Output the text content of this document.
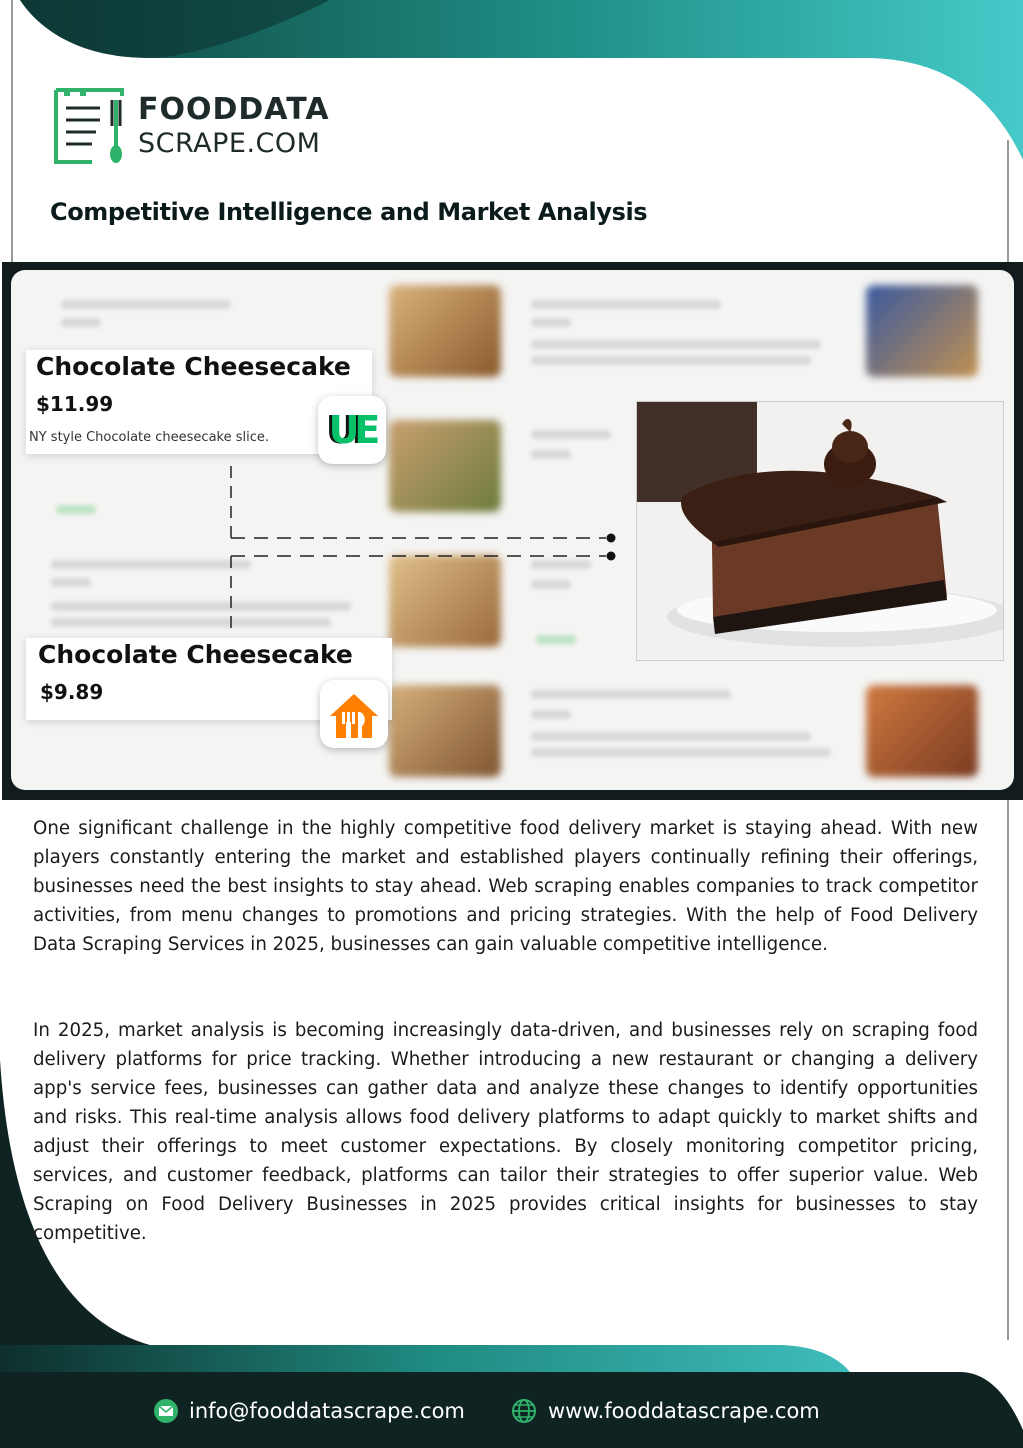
FOODDATA
SCRAPE.COM
Competitive Intelligence and Market Analysis
Chocolate Cheesecake
$11.99
NY style Chocolate cheesecake slice. UE
Chocolate Cheesecake
$9.89

One significant challenge in the highly competitive food delivery market is staying ahead. With new players constantly entering the market and established players continually refining their offerings, businesses need the best insights to stay ahead. Web scraping enables companies to track competitor activities, from menu changes to promotions and pricing strategies. With the help of Food Delivery Data Scraping Services in 2025, businesses can gain valuable competitive intelligence.

In 2025, market analysis is becoming increasingly data-driven, and businesses rely on scraping food delivery platforms for price tracking. Whether introducing a new restaurant or changing a delivery app's service fees, businesses can gather data and analyze these changes to identify opportunities and risks. This real-time analysis allows food delivery platforms to adapt quickly to market shifts and adjust their offerings to meet customer expectations. By closely monitoring competitor pricing, services, and customer feedback, platforms can tailor their strategies to offer superior value. Web Scraping on Food Delivery Businesses in 2025 provides critical insights for businesses to stay competitive.

info@fooddatascrape.com	www.fooddatascrape.com
